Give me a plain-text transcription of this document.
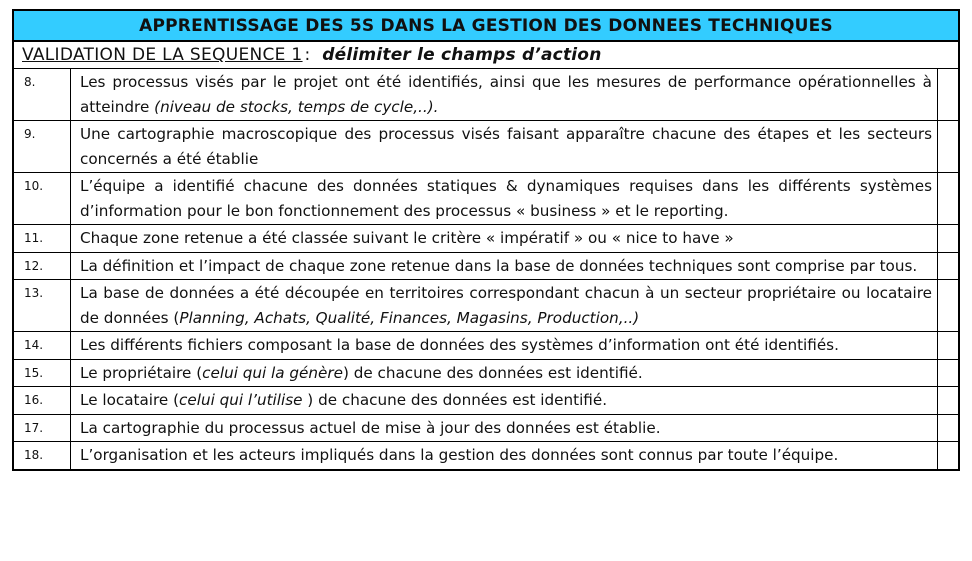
APPRENTISSAGE DES 5S DANS LA GESTION DES DONNEES TECHNIQUES
VALIDATION DE LA SEQUENCE 1 : délimiter le champs d’action
8.	Les processus visés par le projet ont été identifiés, ainsi que les mesures de performance opérationnelles à atteindre (niveau de stocks, temps de cycle,..).	
9.	Une cartographie macroscopique des processus visés faisant apparaître chacune des étapes et les secteurs concernés a été établie	
10.	L’équipe a identifié chacune des données statiques & dynamiques requises dans les différents systèmes d’information pour le bon fonctionnement des processus « business » et le reporting.	
11.	Chaque zone retenue a été classée suivant le critère « impératif » ou « nice to have »	
12.	La définition et l’impact de chaque zone retenue dans la base de données techniques sont comprise par tous.	
13.	La base de données a été découpée en territoires correspondant chacun à un secteur propriétaire ou locataire de données (Planning, Achats, Qualité, Finances, Magasins, Production,..)	
14.	Les différents fichiers composant la base de données des systèmes d’information ont été identifiés.	
15.	Le propriétaire (celui qui la génère) de chacune des données est identifié.	
16.	Le locataire (celui qui l’utilise ) de chacune des données est identifié.	
17.	La cartographie du processus actuel de mise à jour des données est établie.	
18.	L’organisation et les acteurs impliqués dans la gestion des données sont connus par toute l’équipe.	
